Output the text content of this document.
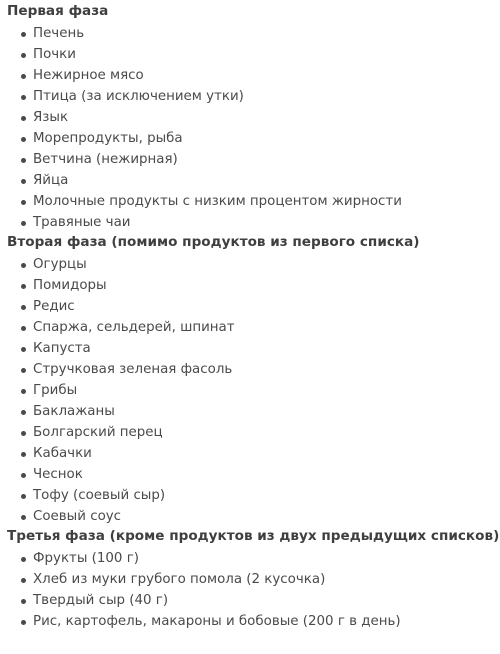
Первая фаза
Печень
Почки
Нежирное мясо
Птица (за исключением утки)
Язык
Морепродукты, рыба
Ветчина (нежирная)
Яйца
Молочные продукты с низким процентом жирности
Травяные чаи
Вторая фаза (помимо продуктов из первого списка)
Огурцы
Помидоры
Редис
Спаржа, сельдерей, шпинат
Капуста
Стручковая зеленая фасоль
Грибы
Баклажаны
Болгарский перец
Кабачки
Чеснок
Тофу (соевый сыр)
Соевый соус
Третья фаза (кроме продуктов из двух предыдущих списков)
Фрукты (100 г)
Хлеб из муки грубого помола (2 кусочка)
Твердый сыр (40 г)
Рис, картофель, макароны и бобовые (200 г в день)
